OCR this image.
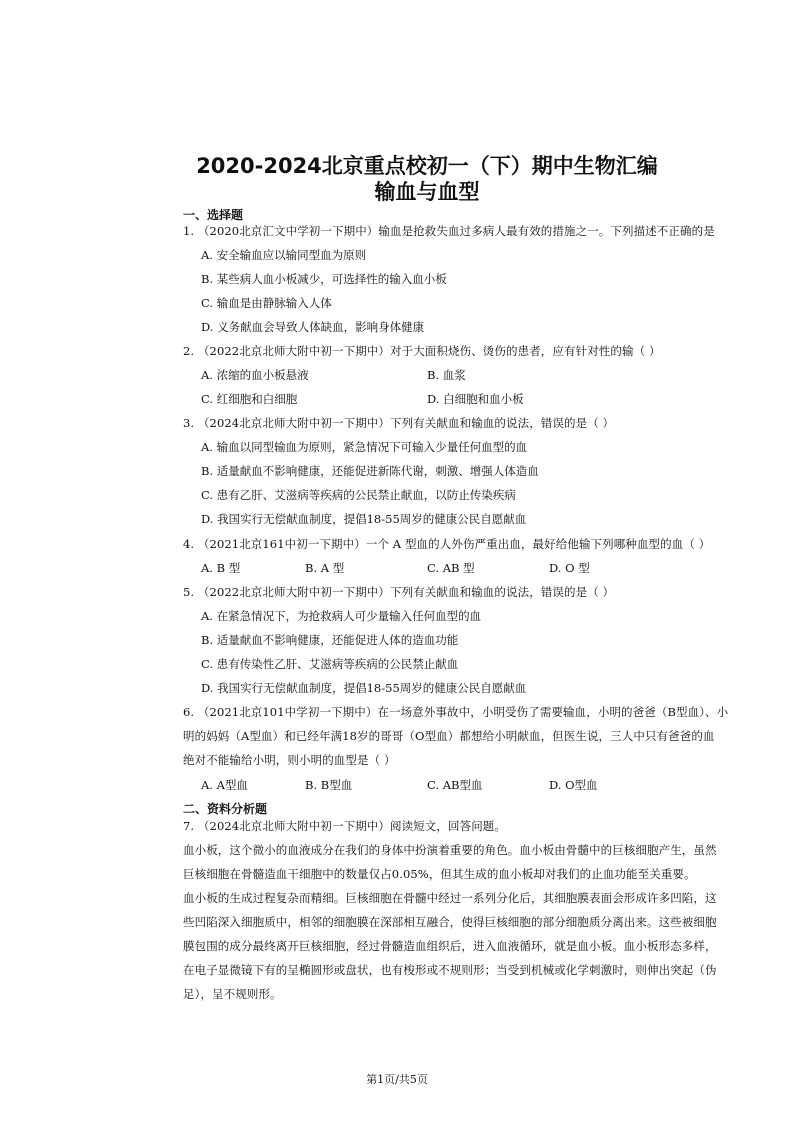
2020-2024北京重点校初一（下）期中生物汇编
输血与血型
一、选择题
1. （2020北京汇文中学初一下期中）输血是抢救失血过多病人最有效的措施之一。下列描述不正确的是
A. 安全输血应以输同型血为原则
B. 某些病人血小板减少，可选择性的输入血小板
C. 输血是由静脉输入人体
D. 义务献血会导致人体缺血，影响身体健康
2. （2022北京北师大附中初一下期中）对于大面积烧伤、烫伤的患者，应有针对性的输（ ）
A. 浓缩的血小板悬液	B. 血浆
C. 红细胞和白细胞	D. 白细胞和血小板
3. （2024北京北师大附中初一下期中）下列有关献血和输血的说法，错误的是（ ）
A. 输血以同型输血为原则，紧急情况下可输入少量任何血型的血
B. 适量献血不影响健康，还能促进新陈代谢，刺激、增强人体造血
C. 患有乙肝、艾滋病等疾病的公民禁止献血，以防止传染疾病
D. 我国实行无偿献血制度，提倡18-55周岁的健康公民自愿献血
4. （2021北京161中初一下期中）一个 A 型血的人外伤严重出血，最好给他输下列哪种血型的血（ ）
A. B 型	B. A 型	C. AB 型	D. O 型
5. （2022北京北师大附中初一下期中）下列有关献血和输血的说法，错误的是（ ）
A. 在紧急情况下，为抢救病人可少量输入任何血型的血
B. 适量献血不影响健康，还能促进人体的造血功能
C. 患有传染性乙肝、艾滋病等疾病的公民禁止献血
D. 我国实行无偿献血制度，提倡18-55周岁的健康公民自愿献血
6. （2021北京101中学初一下期中）在一场意外事故中，小明受伤了需要输血，小明的爸爸（B型血）、小
明的妈妈（A型血）和已经年满18岁的哥哥（O型血）都想给小明献血，但医生说，三人中只有爸爸的血
绝对不能输给小明，则小明的血型是（ ）
A. A型血	B. B型血	C. AB型血	D. O型血
二、资料分析题
7. （2024北京北师大附中初一下期中）阅读短文，回答问题。
血小板，这个微小的血液成分在我们的身体中扮演着重要的角色。血小板由骨髓中的巨核细胞产生，虽然
巨核细胞在骨髓造血干细胞中的数量仅占0.05%，但其生成的血小板却对我们的止血功能至关重要。
血小板的生成过程复杂而精细。巨核细胞在骨髓中经过一系列分化后，其细胞膜表面会形成许多凹陷，这
些凹陷深入细胞质中，相邻的细胞膜在深部相互融合，使得巨核细胞的部分细胞质分离出来。这些被细胞
膜包围的成分最终离开巨核细胞，经过骨髓造血组织后，进入血液循环，就是血小板。血小板形态多样，
在电子显微镜下有的呈椭圆形或盘状，也有梭形或不规则形；当受到机械或化学刺激时，则伸出突起（伪
足），呈不规则形。
第1页/共5页
